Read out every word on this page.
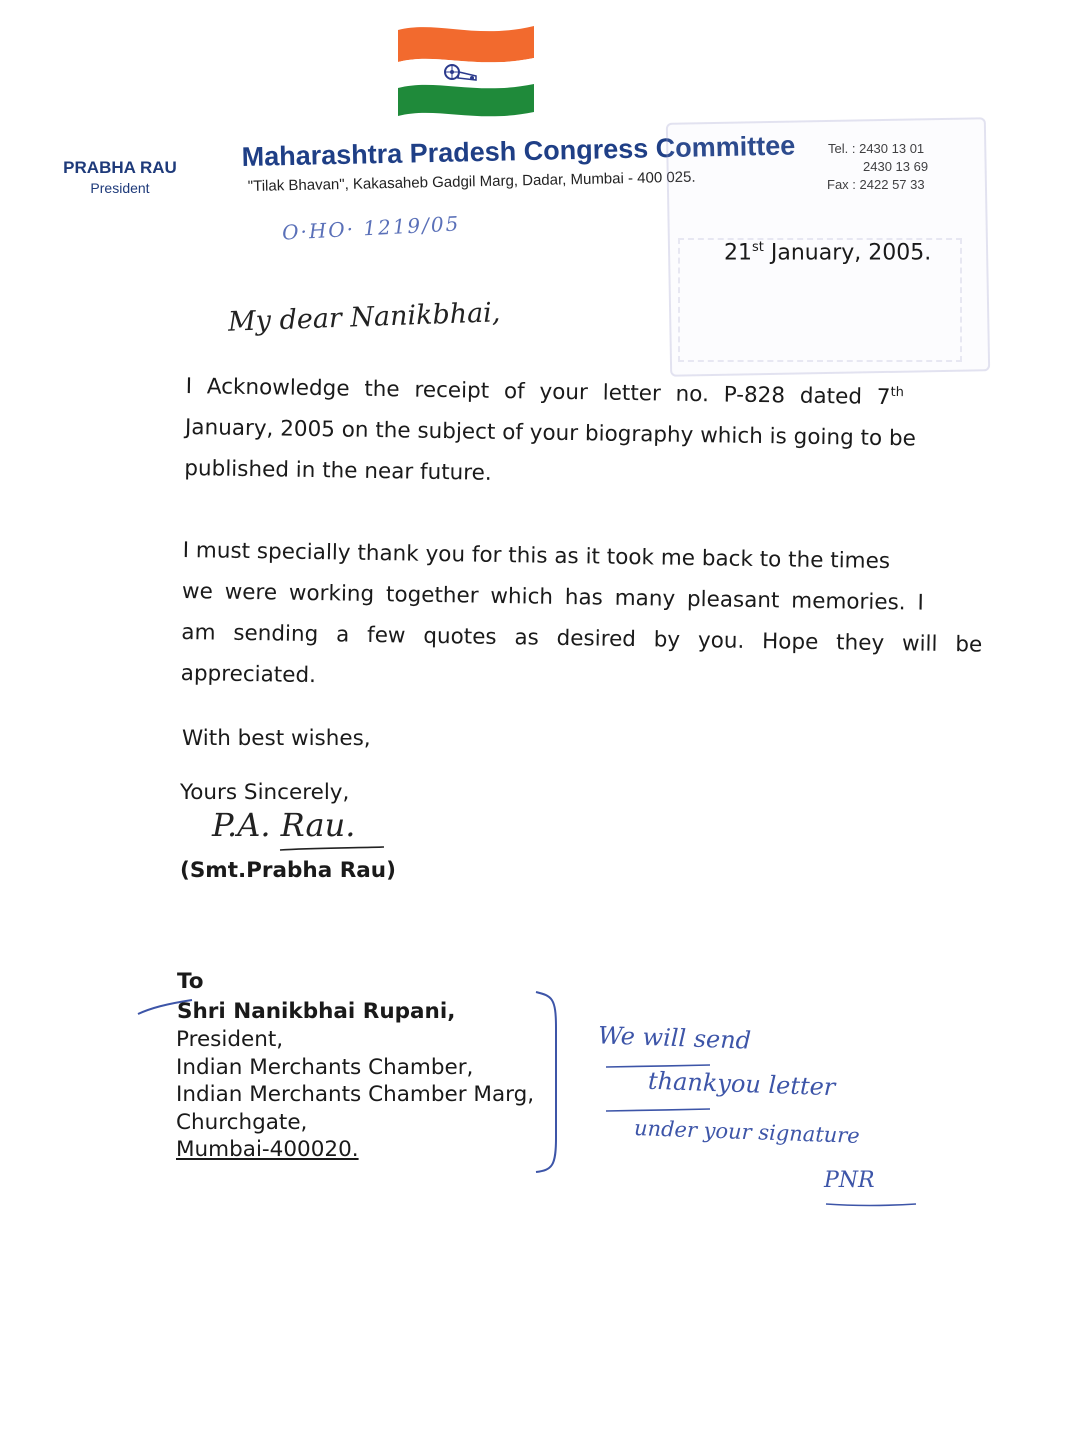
PRABHA RAU
President
Maharashtra Pradesh Congress Committee
"Tilak Bhavan", Kakasaheb Gadgil Marg, Dadar, Mumbai - 400 025.
Tel. : 2430 13 01
2430 13 69
Fax : 2422 57 33
O·HO· 1219/05
21st January, 2005.
My dear Nanikbhai,
I Acknowledge the receipt of your letter no. P-828 dated 7th
January, 2005 on the subject of your biography which is going to be
published in the near future.
I must specially thank you for this as it took me back to the times
we were working together which has many pleasant memories. I
am sending a few quotes as desired by you. Hope they will be
appreciated.
With best wishes,
Yours Sincerely,
P.A. Rau.
(Smt.Prabha Rau)
To
Shri Nanikbhai Rupani,
President,
Indian Merchants Chamber,
Indian Merchants Chamber Marg,
Churchgate,
Mumbai-400020.
We will send
thankyou letter
under your signature
PNR
